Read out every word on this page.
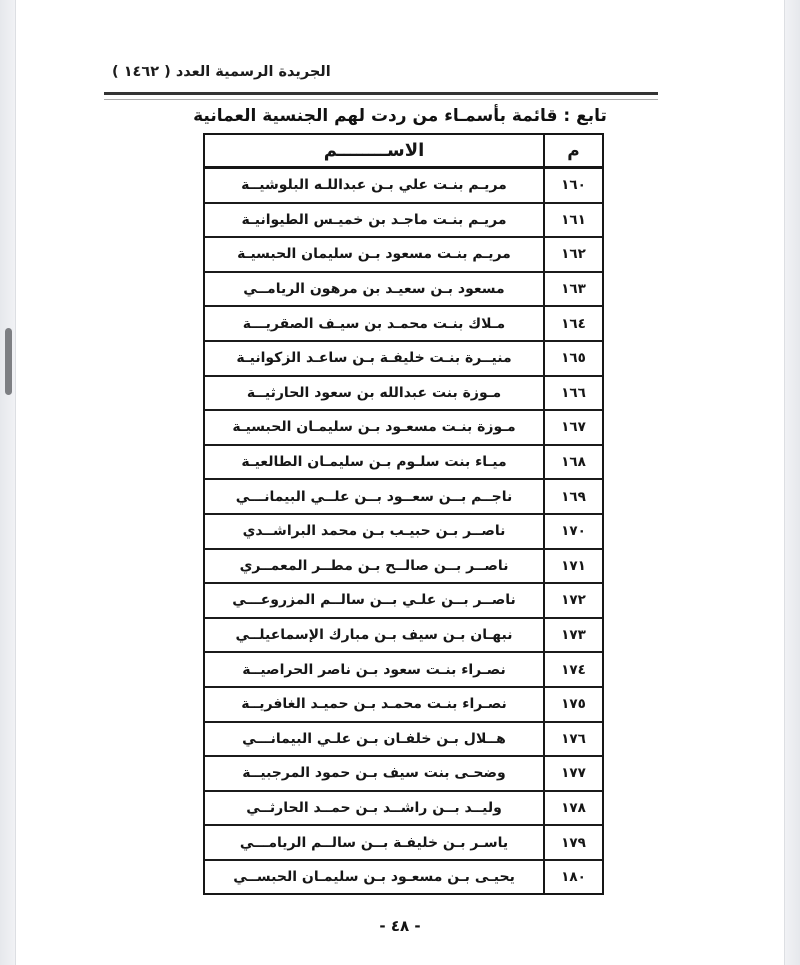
الجريدة الرسمية العدد ( ١٤٦٢ )
تابع : قائمة بأسمـاء من ردت لهم الجنسية العمانية
م
الاســــــــم
١٦٠
مريـم بنـت علي بـن عبداللـه البلوشيــة
١٦١
مريـم بنـت ماجـد بن خميـس الطيوانيـة
١٦٢
مريـم بنـت مسعود بـن سليمان الحبسيـة
١٦٣
مسعود بـن سعيـد بن مرهون الريامــي
١٦٤
مـلاك بنـت محمـد بن سيـف الصقريـــة
١٦٥
منيــرة بنـت خليفـة بـن ساعـد الزكوانيـة
١٦٦
مـوزة بنت عبدالله بن سعود الحارثيــة
١٦٧
مـوزة بنـت مسعـود بـن سليمـان الحبسيـة
١٦٨
ميـاء بنت سلـوم بـن سليمـان الطالعيـة
١٦٩
ناجــم بــن سعــود بــن علــي البيمانـــي
١٧٠
ناصــر بـن حبيـب بـن محمد البراشــدي
١٧١
ناصــر بــن صالــح بـن مطــر المعمــري
١٧٢
ناصــر بــن علـي بــن سالــم المزروعـــي
١٧٣
نبهـان بـن سيف بـن مبارك الإسماعيلــي
١٧٤
نصـراء بنـت سعود بـن ناصر الحراصيــة
١٧٥
نصـراء بنـت محمـد بـن حميـد الغافريــة
١٧٦
هــلال بـن خلفـان بـن علـي البيمانـــي
١٧٧
وضحـى بنت سيف بـن حمود المرجبيــة
١٧٨
وليــد بــن راشــد بـن حمــد الحارثــي
١٧٩
ياسـر بـن خليفـة بــن سالــم الريامـــي
١٨٠
يحيـى بـن مسعـود بـن سليمـان الحبســي
- ٤٨ -
